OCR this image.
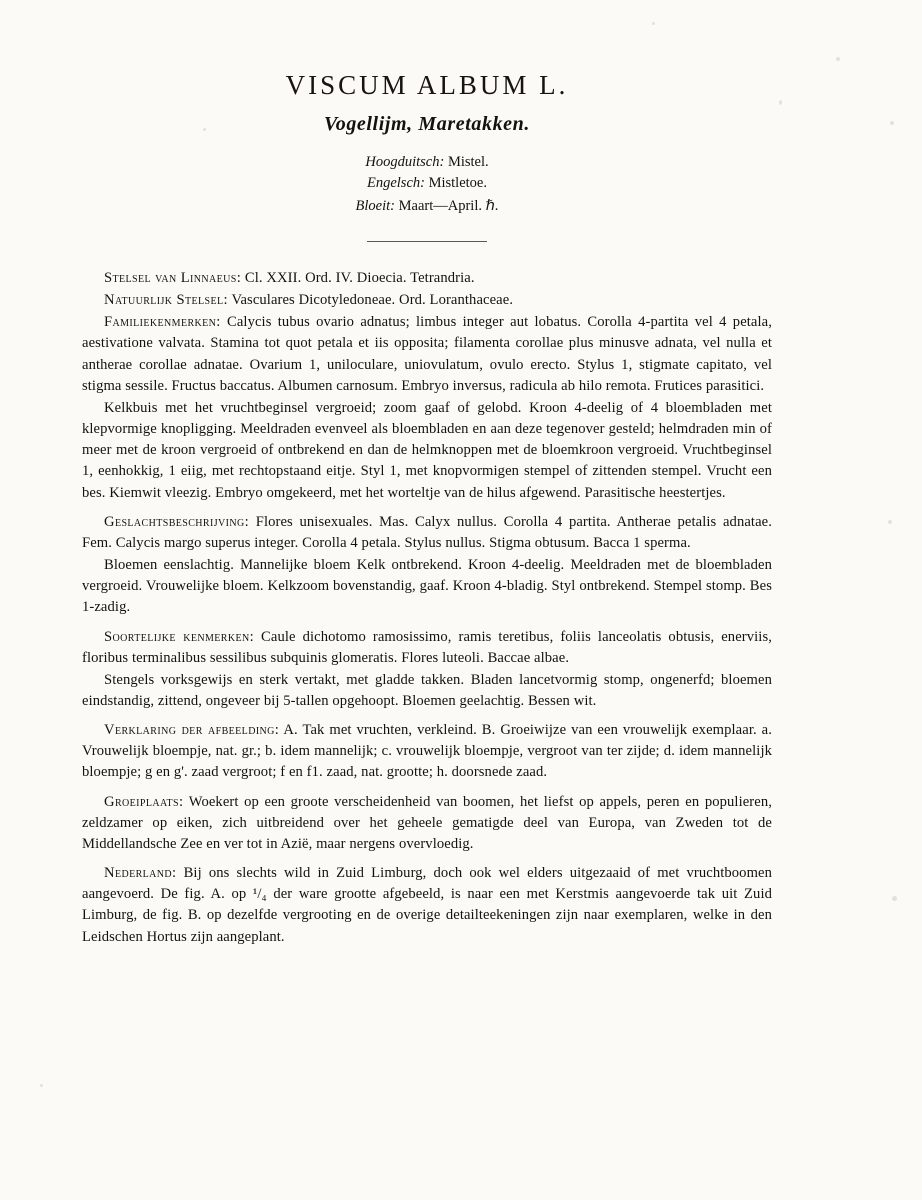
VISCUM ALBUM L.
Vogellijm, Maretakken.
Hoogduitsch: Mistel.
Engelsch: Mistletoe.
Bloeit: Maart—April. ℏ.

Stelsel van Linnaeus: Cl. XXII. Ord. IV. Dioecia. Tetrandria.

Natuurlijk Stelsel: Vasculares Dicotyledoneae. Ord. Loranthaceae.

Familiekenmerken: Calycis tubus ovario adnatus; limbus integer aut lobatus. Corolla 4-partita vel 4 petala, aestivatione valvata. Stamina tot quot petala et iis opposita; filamenta corollae plus minusve adnata, vel nulla et antherae corollae adnatae. Ovarium 1, uniloculare, uniovulatum, ovulo erecto. Stylus 1, stigmate capitato, vel stigma sessile. Fructus baccatus. Albumen carnosum. Embryo inversus, radicula ab hilo remota. Frutices parasitici.

Kelkbuis met het vruchtbeginsel vergroeid; zoom gaaf of gelobd. Kroon 4-deelig of 4 bloembladen met klepvormige knopligging. Meeldraden evenveel als bloembladen en aan deze tegenover gesteld; helmdraden min of meer met de kroon vergroeid of ontbrekend en dan de helmknoppen met de bloemkroon vergroeid. Vruchtbeginsel 1, eenhokkig, 1 eiig, met rechtopstaand eitje. Styl 1, met knopvormigen stempel of zittenden stempel. Vrucht een bes. Kiemwit vleezig. Embryo omgekeerd, met het worteltje van de hilus afgewend. Parasitische heestertjes.

Geslachtsbeschrijving: Flores unisexuales. Mas. Calyx nullus. Corolla 4 partita. Antherae petalis adnatae. Fem. Calycis margo superus integer. Corolla 4 petala. Stylus nullus. Stigma obtusum. Bacca 1 sperma.

Bloemen eenslachtig. Mannelijke bloem Kelk ontbrekend. Kroon 4-deelig. Meeldraden met de bloembladen vergroeid. Vrouwelijke bloem. Kelkzoom bovenstandig, gaaf. Kroon 4-bladig. Styl ontbrekend. Stempel stomp. Bes 1-zadig.

Soortelijke kenmerken: Caule dichotomo ramosissimo, ramis teretibus, foliis lanceolatis obtusis, enerviis, floribus terminalibus sessilibus subquinis glomeratis. Flores luteoli. Baccae albae.

Stengels vorksgewijs en sterk vertakt, met gladde takken. Bladen lancetvormig stomp, ongenerfd; bloemen eindstandig, zittend, ongeveer bij 5-tallen opgehoopt. Bloemen geelachtig. Bessen wit.

Verklaring der afbeelding: A. Tak met vruchten, verkleind. B. Groeiwijze van een vrouwelijk exemplaar. a. Vrouwelijk bloempje, nat. gr.; b. idem mannelijk; c. vrouwelijk bloempje, vergroot van ter zijde; d. idem mannelijk bloempje; g en g'. zaad vergroot; f en f1. zaad, nat. grootte; h. doorsnede zaad.

Groeiplaats: Woekert op een groote verscheidenheid van boomen, het liefst op appels, peren en populieren, zeldzamer op eiken, zich uitbreidend over het geheele gematigde deel van Europa, van Zweden tot de Middellandsche Zee en ver tot in Azië, maar nergens overvloedig.

Nederland: Bij ons slechts wild in Zuid Limburg, doch ook wel elders uitgezaaid of met vruchtboomen aangevoerd. De fig. A. op ¹/₄ der ware grootte afgebeeld, is naar een met Kerstmis aangevoerde tak uit Zuid Limburg, de fig. B. op dezelfde vergrooting en de overige detailteekeningen zijn naar exemplaren, welke in den Leidschen Hortus zijn aangeplant.
